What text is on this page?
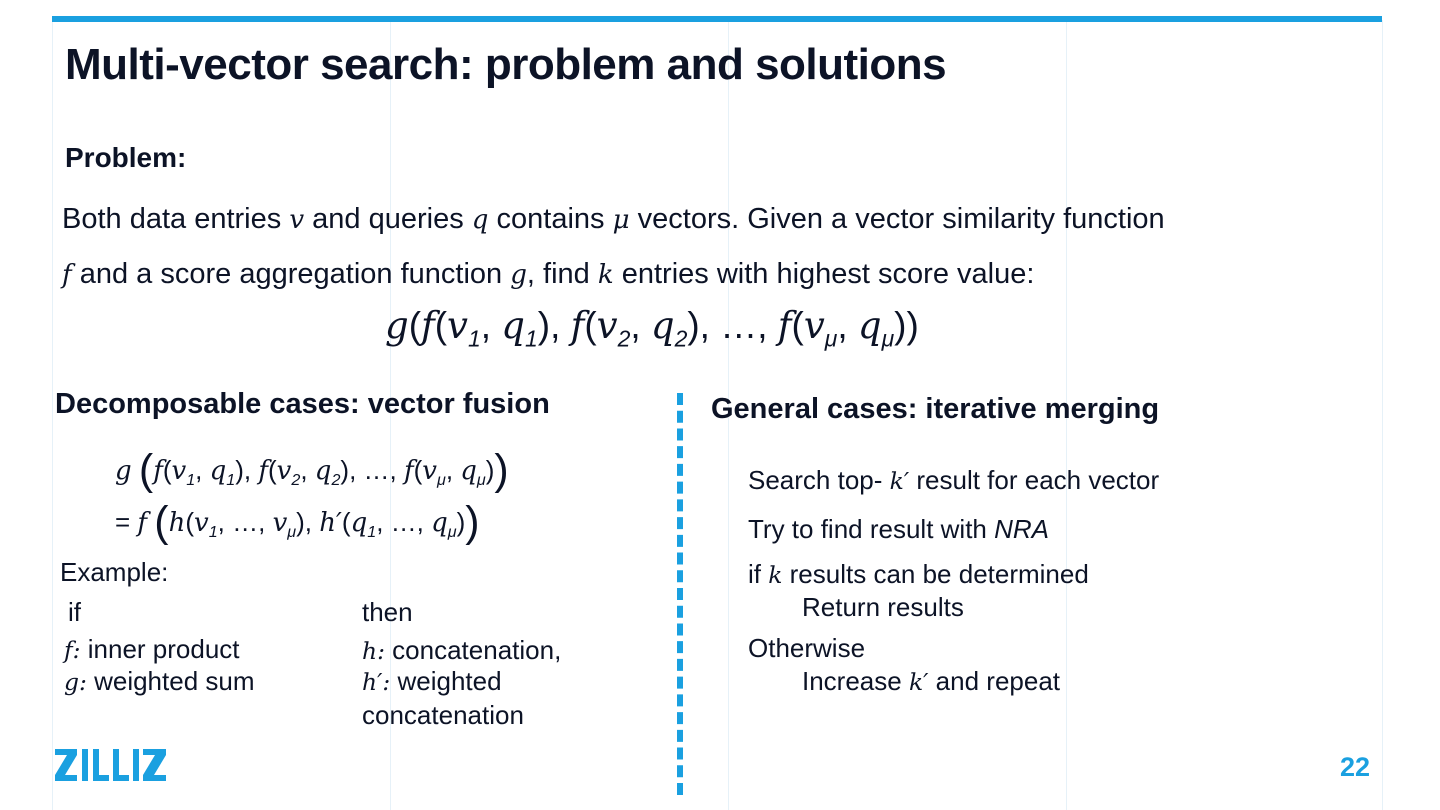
Multi-vector search: problem and solutions
Problem:
Both data entries v and queries q contains μ vectors. Given a vector similarity function
f and a score aggregation function g, find k entries with highest score value:
$g(f(v_1$, $q_1$), $f(v_2$, $q_2$), …, $f(v_\mu$, $q_\mu$))
Decomposable cases: vector fusion
g ($f(v_1$, $q_1$), $f(v_2$, $q_2$), …, $f(v_\mu$, $q_\mu$))
= f ($h(v_1$, …, $v_\mu$), $h'(q_1$, …, $q_\mu$))
Example:
if	then
f: inner product
g: weighted sum
h: concatenation,
h′: weighted
concatenation
General cases: iterative merging
Search top- k′ result for each vector
Try to find result with NRA
if k results can be determined
Return results
Otherwise
Increase k′ and repeat
22
